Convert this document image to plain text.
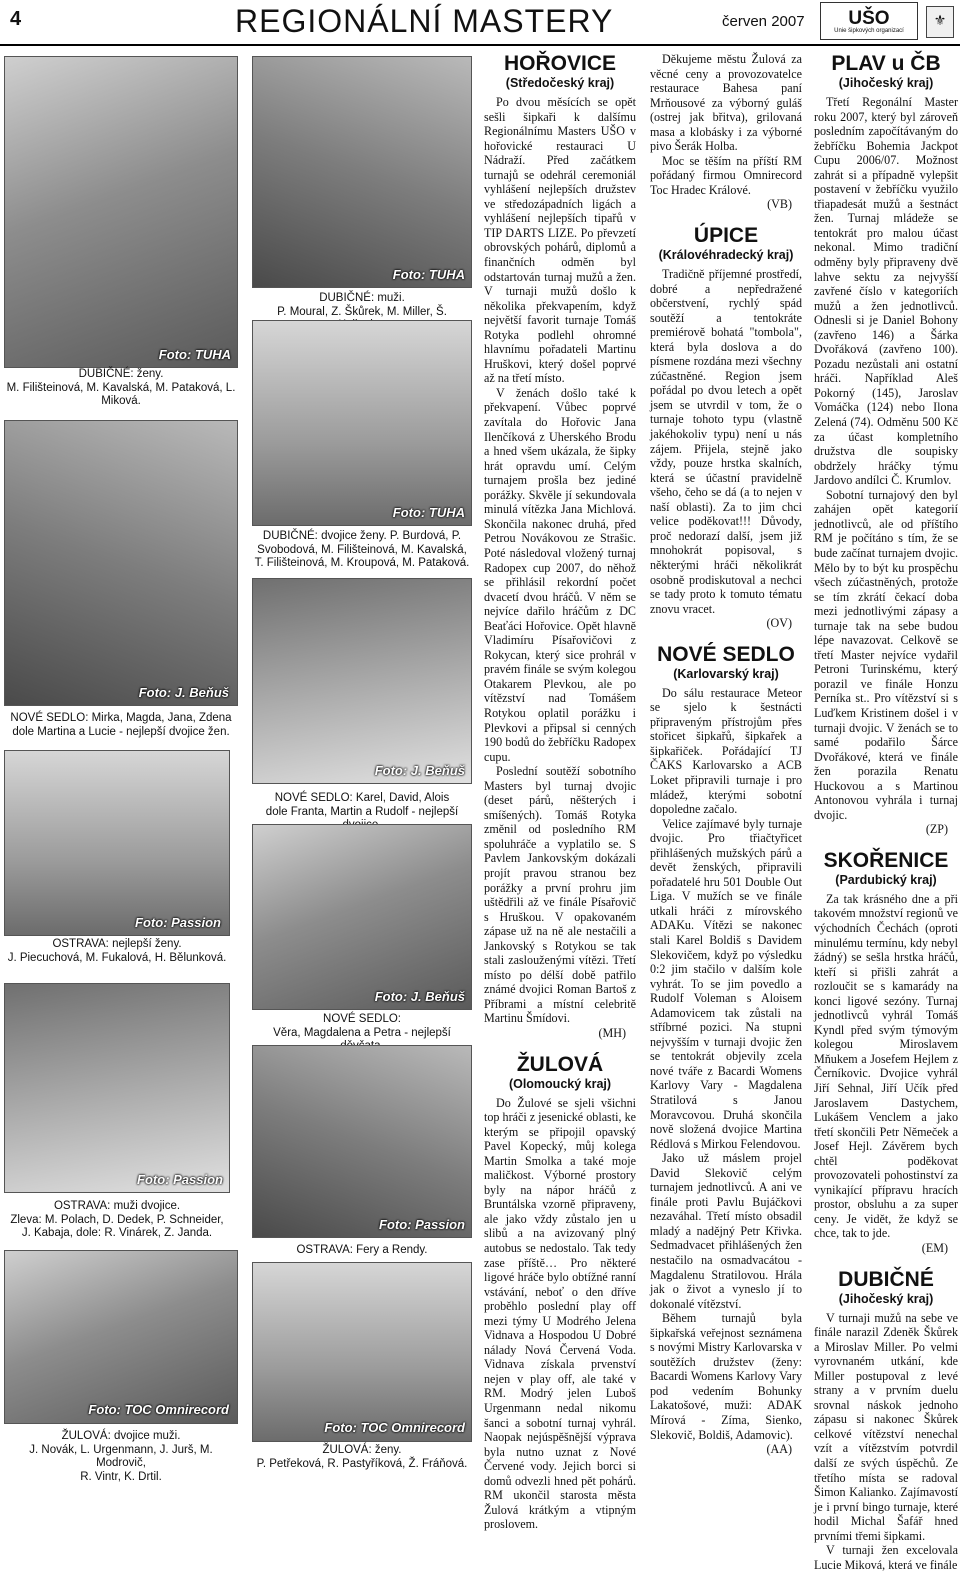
4	REGIONÁLNÍ MASTERY	červen 2007 UŠO
Unie šipkových organizací
⚜
Foto: TUHA
DUBIČNÉ: ženy.
M. Filišteinová, M. Kavalská, M. Pataková, L. Miková.
Foto: J. Beňuš
NOVÉ SEDLO: Mirka, Magda, Jana, Zdena
dole Martina a Lucie - nejlepší dvojice žen.
Foto: Passion
OSTRAVA: nejlepší ženy.
J. Piecuchová, M. Fukalová, H. Bělunková.
Foto: Passion
OSTRAVA: muži dvojice.
Zleva: M. Polach, D. Dedek, P. Schneider,
J. Kabaja, dole: R. Vinárek, Z. Janda.
Foto: TOC Omnirecord
ŽULOVÁ: dvojice muži.
J. Novák, L. Urgenmann, J. Jurš, M. Modrovič,
R. Vintr, K. Drtil.
Foto: TUHA
DUBIČNÉ: muži.
P. Moural, Z. Škůrek, M. Miller, Š.
Foto: TUHA
DUBIČNÉ: dvojice ženy. P. Burdová, P. Svobodová, M. Filišteinová, M. Kavalská, T. Filišteinová, M. Kroupová, M. Pataková.
Foto: J. Beňuš
NOVÉ SEDLO: Karel, David, Alois
dole Franta, Martin a Rudolf - nejlepší
Foto: J. Beňuš
NOVÉ SEDLO:
Věra, Magdalena a Petra - nejlepší
Foto: Passion
OSTRAVA: Fery a Rendy.
Foto: TOC Omnirecord
ŽULOVÁ: ženy.
P. Petřeková, R. Pastyříková, Ž. Fráňová.
HOŘOVICE
(Středočeský kraj)

Po dvou měsících se opět sešli šipkaři k dalšímu Regionálnímu Masters UŠO v hořovické restauraci U Nádraží. Před začátkem turnajů se odehrál ceremoniál vyhlášení nejlepších družstev ve středozápadních ligách a vyhlášení nejlepších tipařů v TIP DARTS LIZE. Po převzetí obrovských pohárů, diplomů a finančních odměn byl odstartován turnaj mužů a žen. V turnaji mužů došlo k několika překvapením, když největší favorit turnaje Tomáš Rotyka podlehl ohromné hlavnímu pořadateli Martinu Hruškovi, který došel poprvé až na třetí místo.

V ženách došlo také k překvapení. Vůbec poprvé zavítala do Hořovic Jana Ilenčíková z Uherského Brodu a hned všem ukázala, že šipky hrát opravdu umí. Celým turnajem prošla bez jediné porážky. Skvěle jí sekundovala minulá vítězka Jana Michlová. Skončila nakonec druhá, před Petrou Novákovou ze Strašic. Poté následoval vložený turnaj Radopex cup 2007, do něhož se přihlásil rekordní počet dvacetí dvou hráčů. V něm se nejvíce dařilo hráčům z DC Beaťáci Hořovice. Opět hlavně Vladimíru Písařovičovi z Rokycan, který sice prohrál v pravém finále se svým kolegou Otakarem Plevkou, ale po vítězství nad Tomášem Rotykou oplatil porážku i Plevkovi a připsal si cenných 190 bodů do žebříčku Radopex cupu.

Poslední soutěží sobotního Masters byl turnaj dvojic (deset párů, něšterých i smíšených). Tomáš Rotyka změnil od posledního RM spoluhráče a vyplatilo se. S Pavlem Jankovským dokázali projít pravou stranou bez porážky a první prohru jim uštědřili až ve finále Písařovič s Hruškou. V opakovaném zápase už na ně ale nestačili a Jankovský s Rotykou se tak stali zaslouženými vítězi. Třetí místo po délší době patřilo známé dvojici Roman Bartoš z Příbrami a místní celebritě Martinu Šmídovi.

(MH)

ŽULOVÁ
(Olomoucký kraj)

Do Žulové se sjeli všichni top hráči z jesenické oblasti, ke kterým se připojil opavský Pavel Kopecký, můj kolega Martin Smolka a také moje maličkost. Výborné prostory byly na nápor hráčů z Bruntálska vzorně připraveny, ale jako vždy zůstalo jen u slibů a na avizovaný plný autobus se nedostalo. Tak tedy zase příště… Pro některé ligové hráče bylo obtížné ranní vstávání, neboť o den dříve proběhlo poslední play off mezi týmy U Modrého Jelena Vidnava a Hospodou U Dobré nálady Nová Červená Voda. Vidnava získala prvenství nejen v play off, ale také v RM. Modrý jelen Luboš Urgenmann nedal nikomu šanci a sobotní turnaj vyhrál. Naopak nejúspěšnější výprava byla nutno uznat z Nové Červené vody. Jejich borci si domů odvezli hned pět pohárů. RM ukončil starosta města Žulová krátkým a vtipným proslovem.

Děkujeme městu Žulová za věcné ceny a provozovatelce restaurace Bahesa paní Mrňousové za výborný guláš (ostrej jak břitva), grilovaná masa a klobásky i za výborné pivo Šerák Holba.

Moc se těším na příští RM pořádaný firmou Omnirecord Toc Hradec Králové.

(VB)

ÚPICE
(Královéhradecký kraj)

Tradičně příjemné prostředí, dobré a nepředražené občerstvení, rychlý spád soutěží a tentokráte premiérově bohatá "tombola", která byla doslova a do písmene rozdána mezi všechny zúčastněné. Region jsem pořádal po dvou letech a opět jsem se utvrdil v tom, že o turnaje tohoto typu (vlastně jakéhokoliv typu) není u nás zájem. Přijela, stejně jako vždy, pouze hrstka skalních, která se účastní pravidelně všeho, čeho se dá (a to nejen v naší oblasti). Za to jim chci velice poděkovat!!! Důvody, proč nedorazí další, jsem již mnohokrát popisoval, s některými hráči několikrát osobně prodiskutoval a nechci se tady proto k tomuto tématu znovu vracet.

(OV)

NOVÉ SEDLO
(Karlovarský kraj)

Do sálu restaurace Meteor se sjelo k šestnácti připraveným přístrojům přes stořicet šipkařů, šipkařek a šipkařiček. Pořádající TJ ČAKS Karlovarsko a ACB Loket připravili turnaje i pro mládež, kterými sobotní dopoledne začalo.

Velice zajímavé byly turnaje dvojic. Pro třiačtyřicet přihlášených mužských párů a devět ženských, připravili pořadatelé hru 501 Double Out Liga. V mužích se ve finále utkali hráči z mírovského ADAKu. Vítězi se nakonec stali Karel Boldiš s Davidem Slekovičem, když po výsledku 0:2 jim stačilo v dalším kole vyhrát. To se jim povedlo a Rudolf Voleman s Aloisem Adamovicem tak zůstali na stříbrné pozici. Na stupni nejvyšším v turnaji dvojic žen se tentokrát objevily zcela nové tváře z Bacardi Womens Karlovy Vary - Magdalena Stratilová s Janou Moravcovou. Druhá skončila nově složená dvojice Martina Rédlová s Mirkou Felendovou.

Jako už máslem projel David Slekovič celým turnajem jednotlivců. A ani ve finále proti Pavlu Bujáčkovi nezaváhal. Třetí místo obsadil mladý a nadějný Petr Křivka. Sedmadvacet přihlášených žen nestačilo na osmadvacátou - Magdalenu Stratilovou. Hrála jak o život a vyneslo jí to dokonalé vítězství.

Během turnajů byla šipkařská veřejnost seznámena s novými Mistry Karlovarska v soutěžích družstev (ženy: Bacardi Womens Karlovy Vary pod vedením Bohunky Lakatošové, muži: ADAK Mírová - Zíma, Sienko, Slekovič, Boldiš, Adamovic).

(AA)

PLAV u ČB
(Jihočeský kraj)

Třetí Regonální Master roku 2007, který byl zároveň posledním započítávaným do žebříčku Bohemia Jackpot Cupu 2006/07. Možnost zahrát si a případně vylepšit postavení v žebříčku využilo třiapadesát mužů a šestnáct žen. Turnaj mládeže se tentokrát pro malou účast nekonal. Mimo tradiční odměny byly připraveny dvě lahve sektu za nejvyšší zavřené číslo v kategoriích mužů a žen jednotlivců. Odnesli si je Daniel Bohony (zavřeno 146) a Šárka Dvořáková (zavřeno 100). Pozadu nezůstali ani ostatní hráči. Například Aleš Pokorný (145), Jaroslav Vomáčka (124) nebo Ilona Zelená (74). Odměnu 500 Kč za účast kompletního družstva dle soupisky obdržely hráčky týmu Jardovo andílci Č. Krumlov.

Sobotní turnajový den byl zahájen opět kategorií jednotlivců, ale od příštího RM je počítáno s tím, že se bude začínat turnajem dvojic. Mělo by to být ku prospěchu všech zúčastněných, protože se tím zkrátí čekací doba mezi jednotlivými zápasy a turnaje tak na sebe budou lépe navazovat. Celkově se třetí Master nejvíce vydařil Petroni Turinskému, který porazil ve finále Honzu Perníka st.. Pro vítězství si s Luďkem Kristinem došel i v turnaji dvojic. V ženách se to samé podařilo Šárce Dvořákové, která ve finále žen porazila Renatu Huckovou a s Martinou Antonovou vyhrála i turnaj dvojic.

(ZP)

SKOŘENICE
(Pardubický kraj)

Za tak krásného dne a při takovém množství regionů ve východních Čechách (oproti minulému termínu, kdy nebyl žádný) se sešla hrstka hráčů, kteří si přišli zahrát a rozloučit se s kamarády na konci ligové sezóny. Turnaj jednotlivců vyhrál Tomáš Kyndl před svým týmovým kolegou Miroslavem Mňukem a Josefem Hejlem z Černíkovic. Dvojice vyhrál Jiří Sehnal, Jiří Učík před Jaroslavem Dastychem, Lukášem Venclem a jako třetí skončili Petr Němeček a Josef Hejl. Závěrem bych chtěl poděkovat provozovateli pohostinství za vynikající přípravu hracích prostor, obsluhu a za super ceny. Je vidět, že když se chce, tak to jde.

(EM)

DUBIČNÉ
(Jihočeský kraj)

V turnaji mužů na sebe ve finále narazil Zdeněk Škůrek a Miroslav Miller. Po velmi vyrovnaném utkání, kde Miller postupoval z levé strany a v prvním duelu srovnal náskok jednoho zápasu si nakonec Škůrek celkové vítězství nenechal vzít a vítězstvím potvrdil další ze svých úspěchů. Ze třetího místa se radoval Šimon Kalianko. Zajímavostí je i první bingo turnaje, které hodil Michal Šafář hned prvními třemi šipkami.

V turnaji žen excelovala Lucie Miková, která ve finále
